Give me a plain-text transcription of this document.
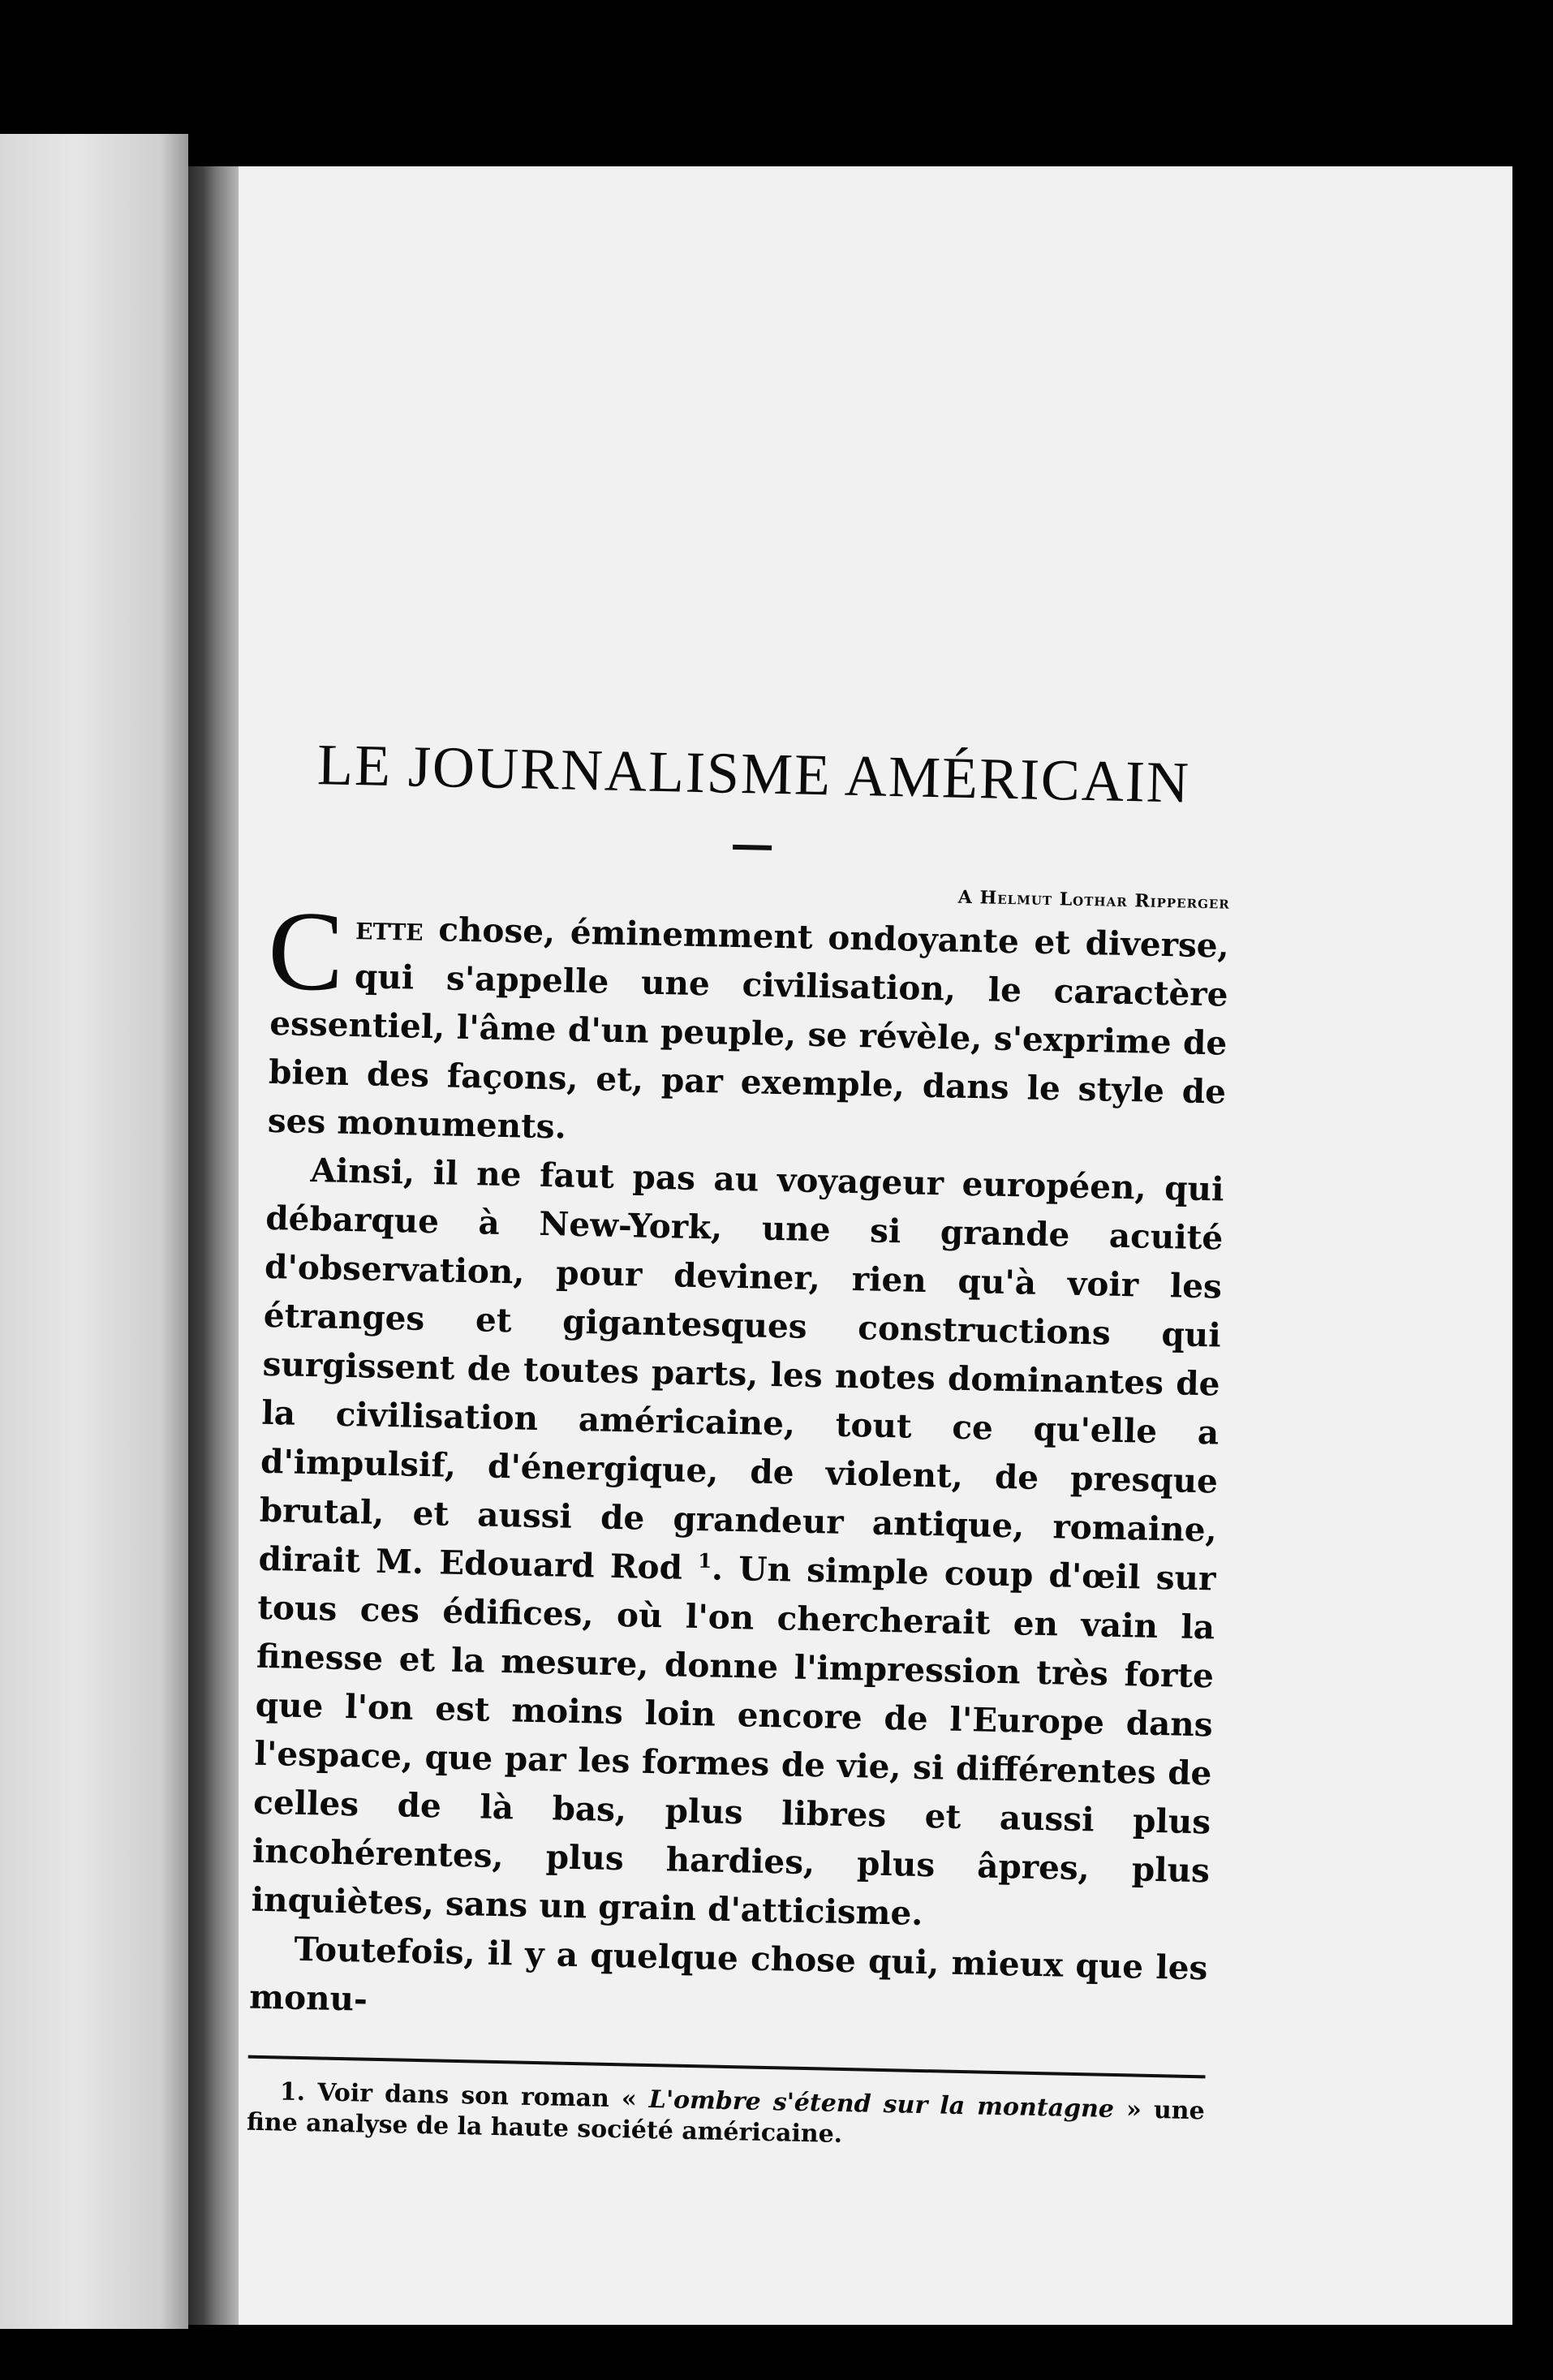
LE JOURNALISME AMÉRICAIN

A Helmut Lothar Ripperger

Cette chose, éminemment ondoyante et diverse, qui s'appelle une civilisation, le caractère essentiel, l'âme d'un peuple, se révèle, s'exprime de bien des façons, et, par exemple, dans le style de ses monuments.

Ainsi, il ne faut pas au voyageur européen, qui débarque à New-York, une si grande acuité d'observation, pour deviner, rien qu'à voir les étranges et gigantesques constructions qui surgissent de toutes parts, les notes dominantes de la civilisation américaine, tout ce qu'elle a d'impulsif, d'énergique, de violent, de presque brutal, et aussi de grandeur antique, romaine, dirait M. Edouard Rod $^1$. Un simple coup d'œil sur tous ces édifices, où l'on chercherait en vain la finesse et la mesure, donne l'impression très forte que l'on est moins loin encore de l'Europe dans l'espace, que par les formes de vie, si différentes de celles de là bas, plus libres et aussi plus incohérentes, plus hardies, plus âpres, plus inquiètes, sans un grain d'atticisme.

Toutefois, il y a quelque chose qui, mieux que les monu-

1. Voir dans son roman « L'ombre s'étend sur la montagne » une fine analyse de la haute société américaine.
